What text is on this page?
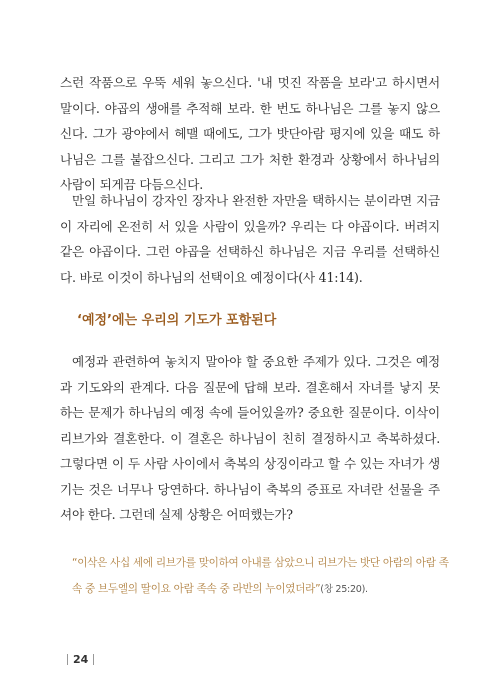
스런 작품으로 우뚝 세워 놓으신다. '내 멋진 작품을 보라'고 하시면서 말이다. 야곱의 생애를 추적해 보라. 한 번도 하나님은 그를 놓지 않으신다. 그가 광야에서 헤맬 때에도, 그가 밧단아람 평지에 있을 때도 하나님은 그를 붙잡으신다. 그리고 그가 처한 환경과 상황에서 하나님의 사람이 되게끔 다듬으신다.

만일 하나님이 강자인 장자나 완전한 자만을 택하시는 분이라면 지금 이 자리에 온전히 서 있을 사람이 있을까? 우리는 다 야곱이다. 버려지 같은 야곱이다. 그런 야곱을 선택하신 하나님은 지금 우리를 선택하신다. 바로 이것이 하나님의 선택이요 예정이다(사 41:14).

‘예정’에는 우리의 기도가 포함된다

예정과 관련하여 놓치지 말아야 할 중요한 주제가 있다. 그것은 예정과 기도와의 관계다. 다음 질문에 답해 보라. 결혼해서 자녀를 낳지 못하는 문제가 하나님의 예정 속에 들어있을까? 중요한 질문이다. 이삭이 리브가와 결혼한다. 이 결혼은 하나님이 친히 결정하시고 축복하셨다. 그렇다면 이 두 사람 사이에서 축복의 상징이라고 할 수 있는 자녀가 생기는 것은 너무나 당연하다. 하나님이 축복의 증표로 자녀란 선물을 주셔야 한다. 그런데 실제 상황은 어떠했는가?

“이삭은 사십 세에 리브가를 맞이하여 아내를 삼았으니 리브가는 밧단 아람의 아람 족속 중 브두엘의 딸이요 아람 족속 중 라반의 누이였더라”(창 25:20).

24
